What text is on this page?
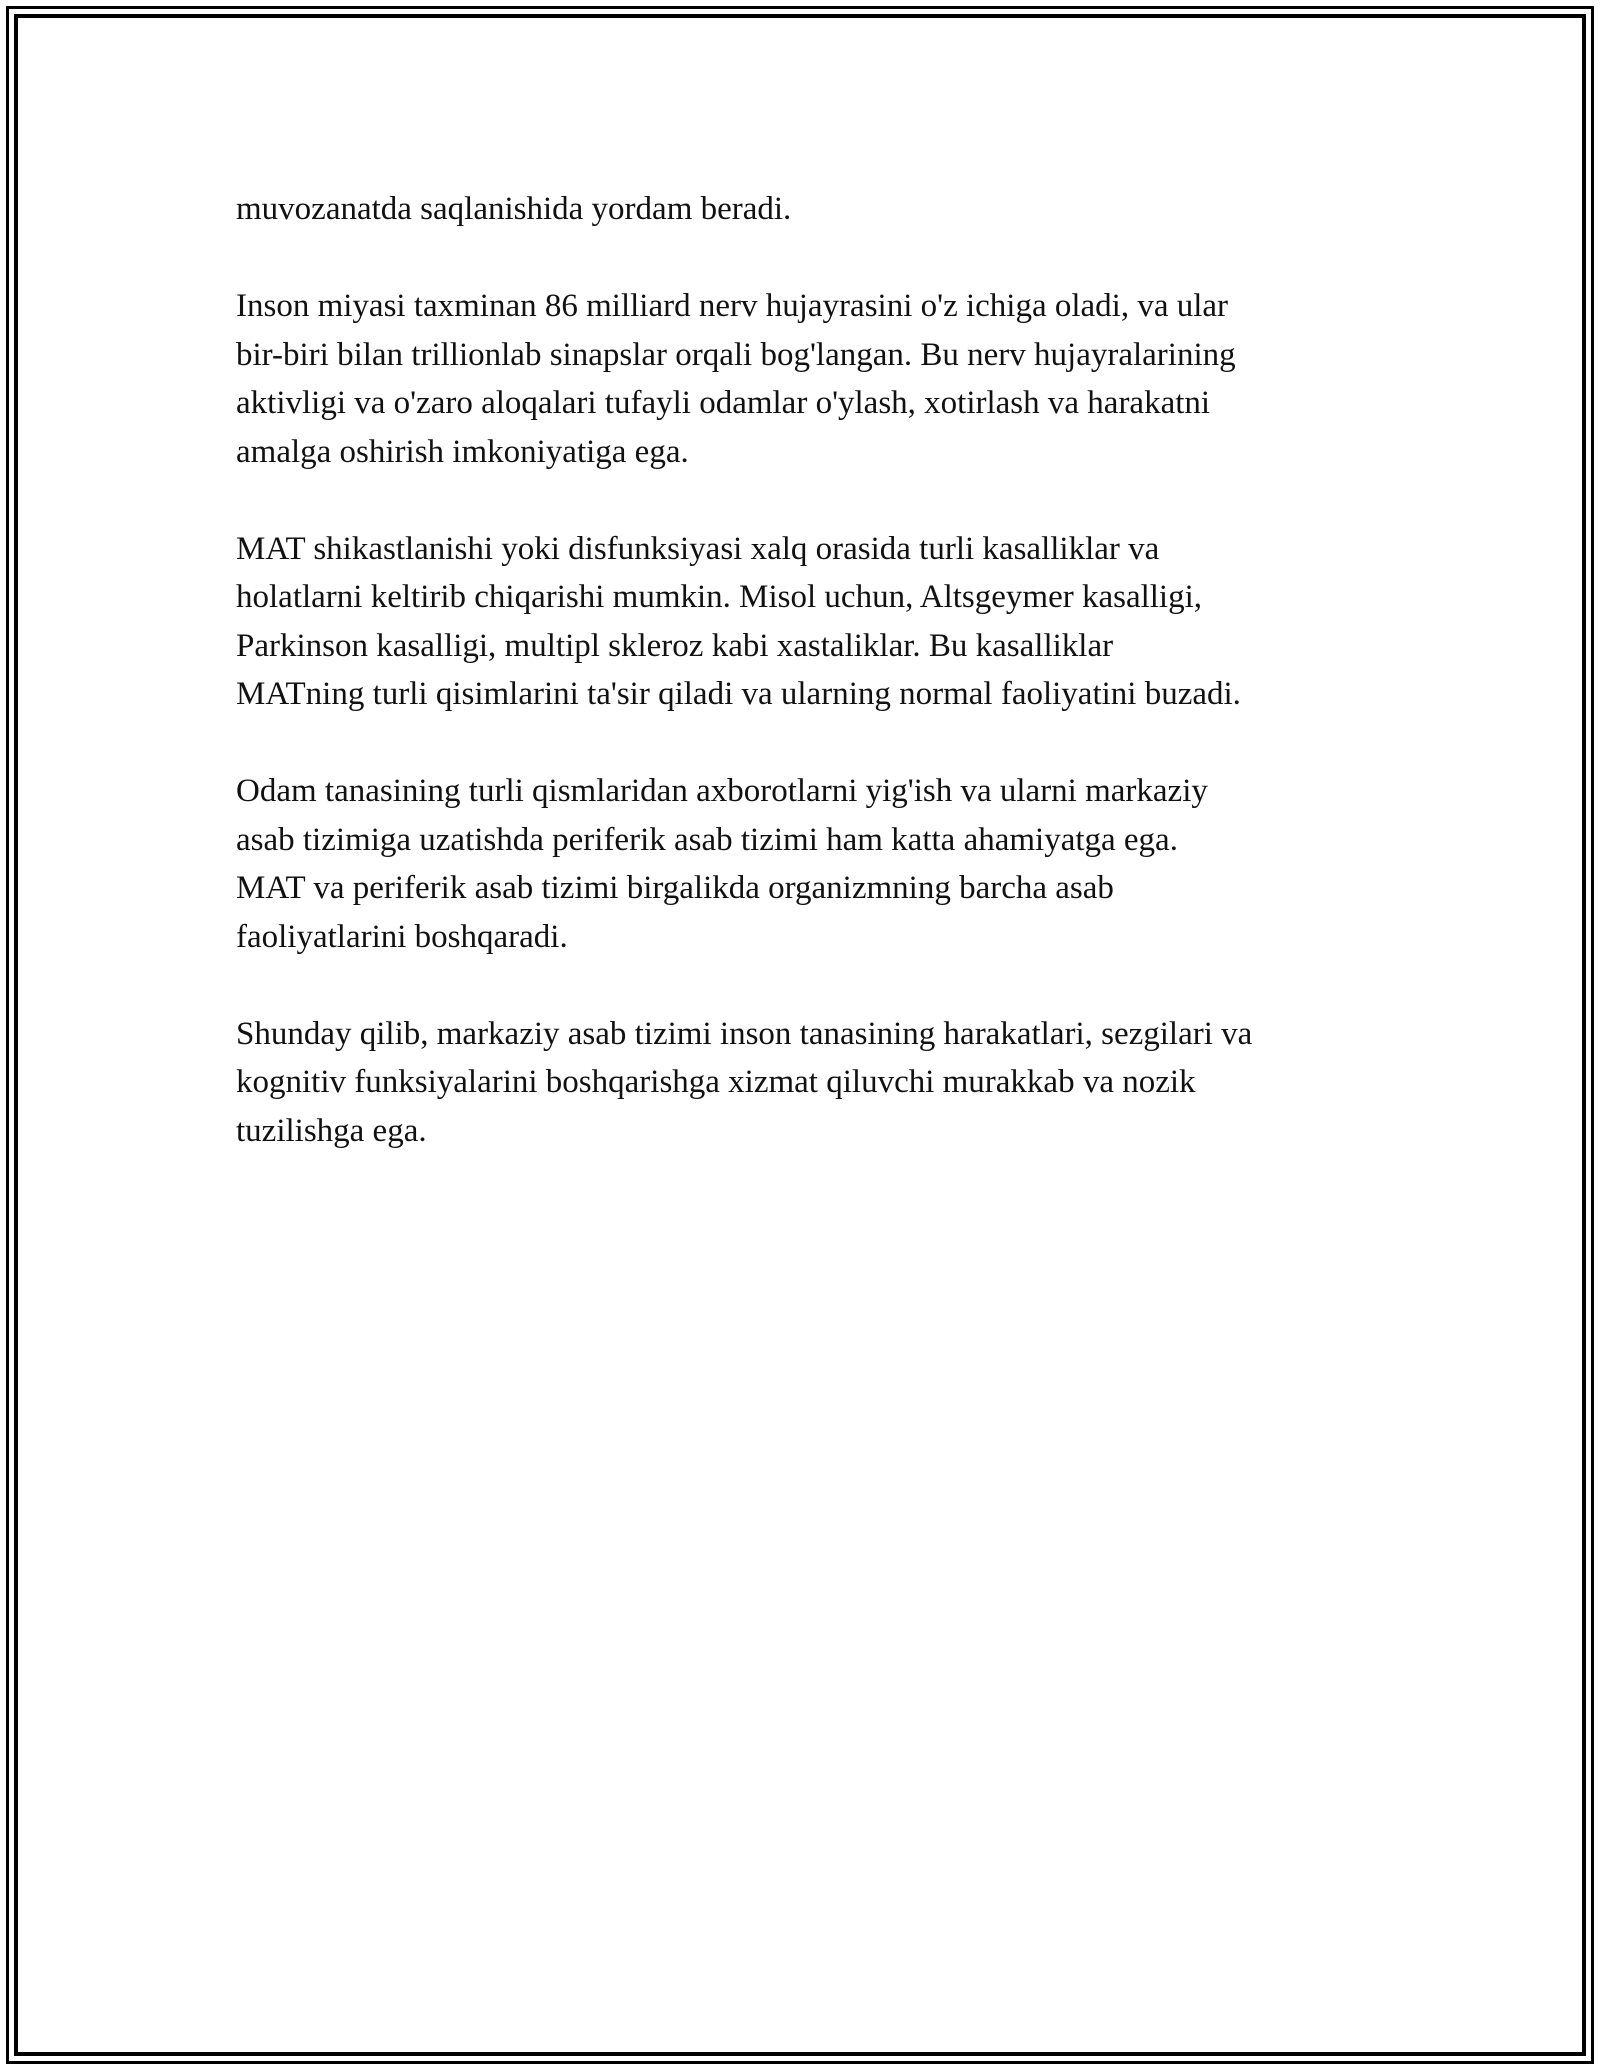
muvozanatda saqlanishida yordam beradi.

Inson miyasi taxminan 86 milliard nerv hujayrasini o'z ichiga oladi, va ular
bir-biri bilan trillionlab sinapslar orqali bog'langan. Bu nerv hujayralarining
aktivligi va o'zaro aloqalari tufayli odamlar o'ylash, xotirlash va harakatni
amalga oshirish imkoniyatiga ega.

MAT shikastlanishi yoki disfunksiyasi xalq orasida turli kasalliklar va
holatlarni keltirib chiqarishi mumkin. Misol uchun, Altsgeymer kasalligi,
Parkinson kasalligi, multipl skleroz kabi xastaliklar. Bu kasalliklar
MATning turli qisimlarini ta'sir qiladi va ularning normal faoliyatini buzadi.

Odam tanasining turli qismlaridan axborotlarni yig'ish va ularni markaziy
asab tizimiga uzatishda periferik asab tizimi ham katta ahamiyatga ega.
MAT va periferik asab tizimi birgalikda organizmning barcha asab
faoliyatlarini boshqaradi.

Shunday qilib, markaziy asab tizimi inson tanasining harakatlari, sezgilari va
kognitiv funksiyalarini boshqarishga xizmat qiluvchi murakkab va nozik
tuzilishga ega.
